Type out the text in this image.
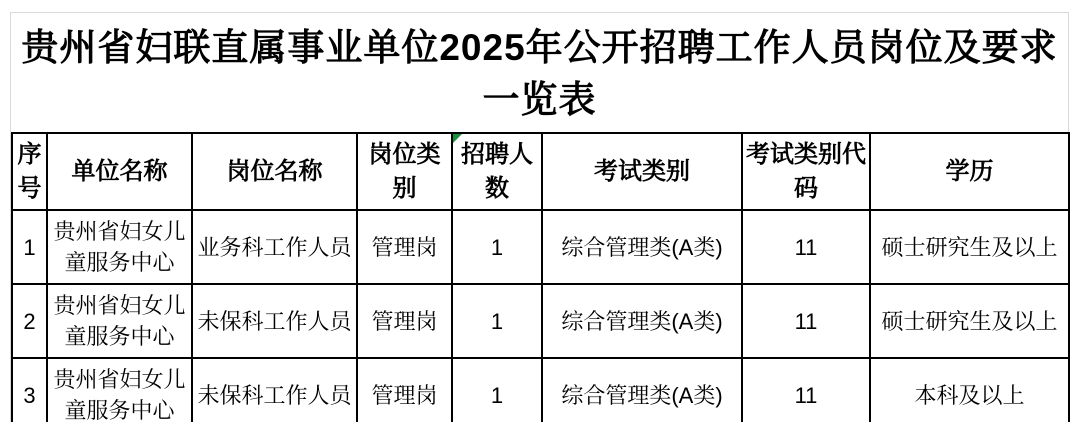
贵州省妇联直属事业单位2025年公开招聘工作人员岗位及要求
一览表
序号	单位名称	岗位名称	岗位类别	招聘人数	考试类别	考试类别代码	学历
1	贵州省妇女儿童服务中心	业务科工作人员	管理岗	1	综合管理类(A类)	11	硕士研究生及以上
2	贵州省妇女儿童服务中心	未保科工作人员	管理岗	1	综合管理类(A类)	11	硕士研究生及以上
3	贵州省妇女儿童服务中心	未保科工作人员	管理岗	1	综合管理类(A类)	11	本科及以上
